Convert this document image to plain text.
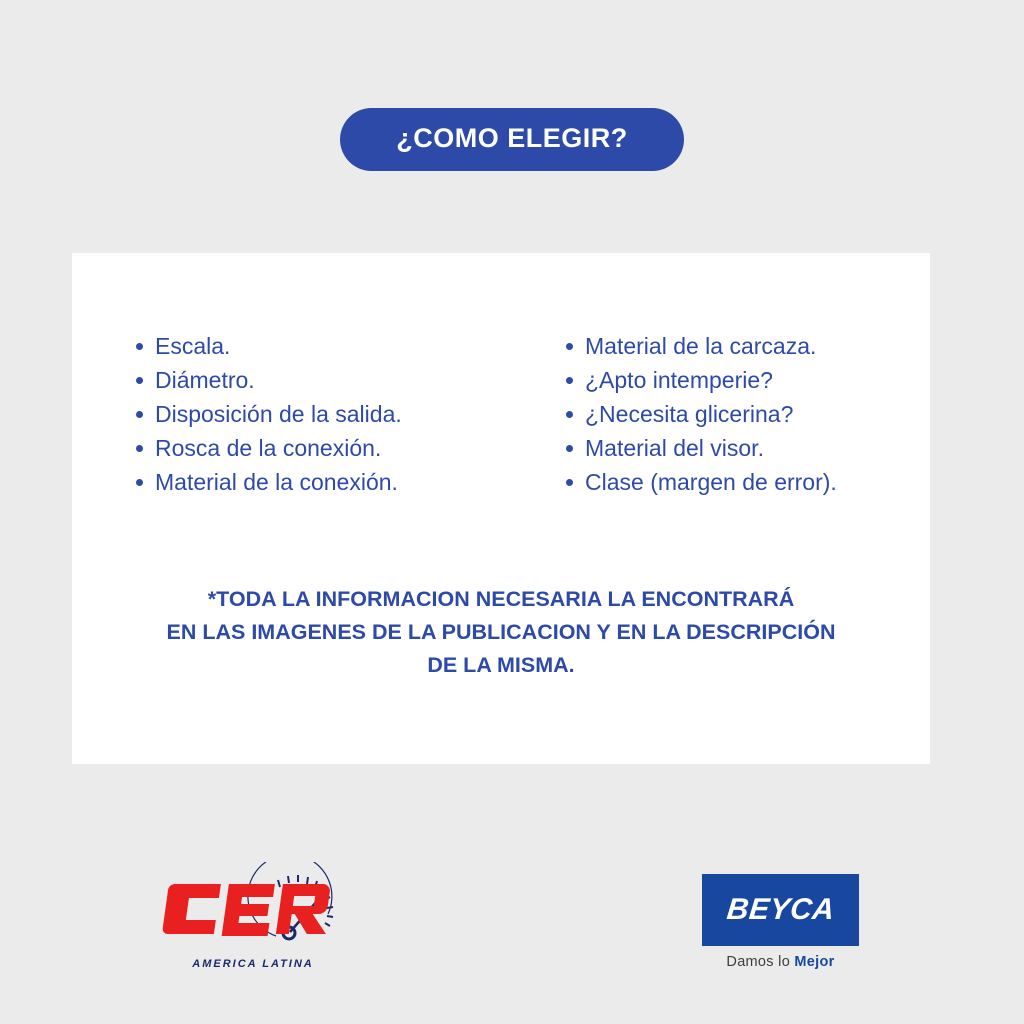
¿COMO ELEGIR?
Escala.
Diámetro.
Disposición de la salida.
Rosca de la conexión.
Material de la conexión.
Material de la carcaza.
¿Apto intemperie?
¿Necesita glicerina?
Material del visor.
Clase (margen de error).
*TODA LA INFORMACION NECESARIA LA ENCONTRARÁ
EN LAS IMAGENES DE LA PUBLICACION Y EN LA DESCRIPCIÓN
DE LA MISMA.
AMERICA LATINA
BEYCA
Damos lo Mejor
